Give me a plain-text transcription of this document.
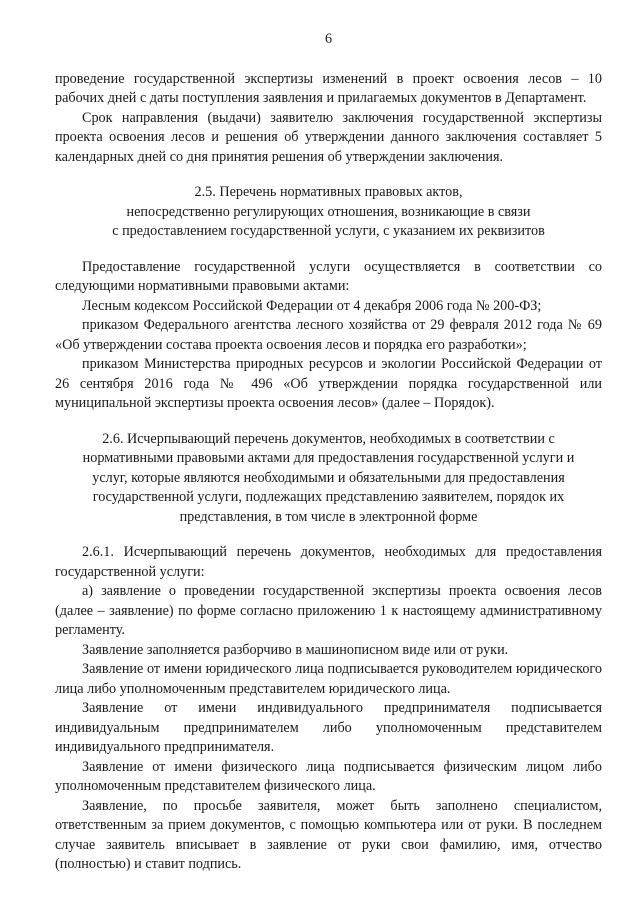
6

проведение государственной экспертизы изменений в проект освоения лесов – 10 рабочих дней с даты поступления заявления и прилагаемых документов в Департамент.

Срок направления (выдачи) заявителю заключения государственной экспертизы проекта освоения лесов и решения об утверждении данного заключения составляет 5 календарных дней со дня принятия решения об утверждении заключения.

2.5. Перечень нормативных правовых актов,
непосредственно регулирующих отношения, возникающие в связи
с предоставлением государственной услуги, с указанием их реквизитов

Предоставление государственной услуги осуществляется в соответствии со следующими нормативными правовыми актами:

Лесным кодексом Российской Федерации от 4 декабря 2006 года № 200-ФЗ;

приказом Федерального агентства лесного хозяйства от 29 февраля 2012 года № 69 «Об утверждении состава проекта освоения лесов и порядка его разработки»;

приказом Министерства природных ресурсов и экологии Российской Федерации от 26 сентября 2016 года № 496 «Об утверждении порядка государственной или муниципальной экспертизы проекта освоения лесов» (далее – Порядок).

2.6. Исчерпывающий перечень документов, необходимых в соответствии с
нормативными правовыми актами для предоставления государственной услуги и
услуг, которые являются необходимыми и обязательными для предоставления
государственной услуги, подлежащих представлению заявителем, порядок их
представления, в том числе в электронной форме

2.6.1. Исчерпывающий перечень документов, необходимых для предоставления государственной услуги:

а) заявление о проведении государственной экспертизы проекта освоения лесов (далее – заявление) по форме согласно приложению 1 к настоящему административному регламенту.

Заявление заполняется разборчиво в машинописном виде или от руки.

Заявление от имени юридического лица подписывается руководителем юридического лица либо уполномоченным представителем юридического лица.

Заявление от имени индивидуального предпринимателя подписывается индивидуальным предпринимателем либо уполномоченным представителем индивидуального предпринимателя.

Заявление от имени физического лица подписывается физическим лицом либо уполномоченным представителем физического лица.

Заявление, по просьбе заявителя, может быть заполнено специалистом, ответственным за прием документов, с помощью компьютера или от руки. В последнем случае заявитель вписывает в заявление от руки свои фамилию, имя, отчество (полностью) и ставит подпись.
